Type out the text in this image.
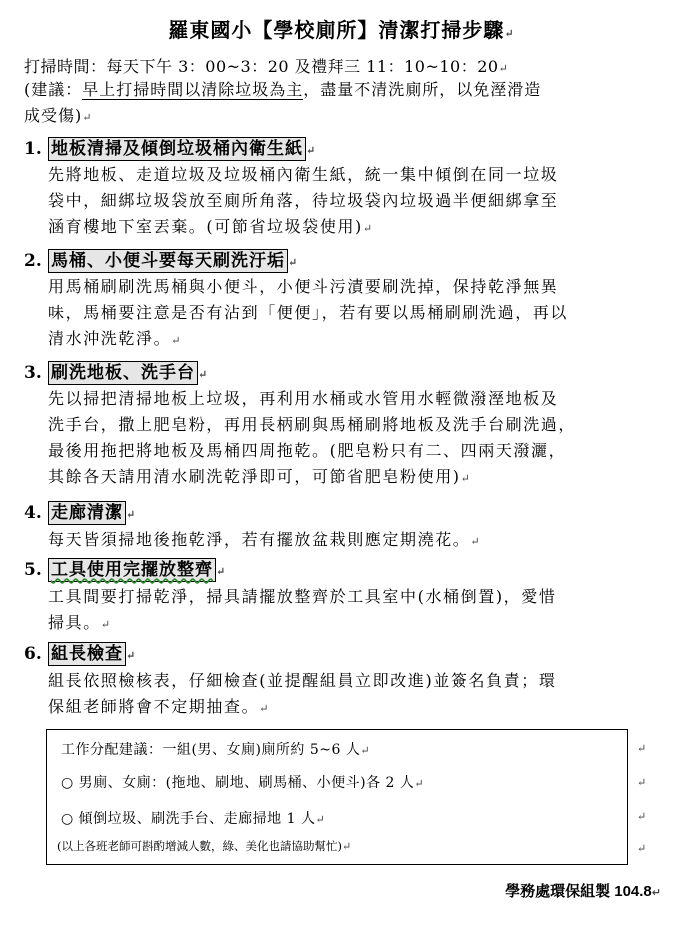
羅東國小【學校廁所】清潔打掃步驟↵
打掃時間：每天下午 3：00~3：20 及禮拜三 11：10~10：20↵
(建議：早上打掃時間以清除垃圾為主，盡量不清洗廁所，以免溼滑造
成受傷)↵
1. 地板清掃及傾倒垃圾桶內衛生紙 ↵
先將地板、走道垃圾及垃圾桶內衛生紙，統一集中傾倒在同一垃圾
袋中，細綁垃圾袋放至廁所角落，待垃圾袋內垃圾過半便細綁拿至
涵育樓地下室丟棄。(可節省垃圾袋使用)↵
2. 馬桶、小便斗要每天刷洗汙垢 ↵
用馬桶刷刷洗馬桶與小便斗，小便斗污漬要刷洗掉，保持乾淨無異
味，馬桶要注意是否有沾到「便便」，若有要以馬桶刷刷洗過，再以
清水沖洗乾淨。↵
3. 刷洗地板、洗手台 ↵
先以掃把清掃地板上垃圾，再利用水桶或水管用水輕微潑溼地板及
洗手台，撒上肥皂粉，再用長柄刷與馬桶刷將地板及洗手台刷洗過，
最後用拖把將地板及馬桶四周拖乾。(肥皂粉只有二、四兩天潑灑，
其餘各天請用清水刷洗乾淨即可，可節省肥皂粉使用)↵
4. 走廊清潔 ↵
每天皆須掃地後拖乾淨，若有擺放盆栽則應定期澆花。↵
5. 工具使用完擺放整齊 ↵
工具間要打掃乾淨，掃具請擺放整齊於工具室中(水桶倒置)，愛惜
掃具。↵
6. 組長檢查 ↵
組長依照檢核表，仔細檢查(並提醒組員立即改進)並簽名負責；環
保組老師將會不定期抽查。↵
工作分配建議：一組(男、女廁)廁所約 5~6 人↵
○ 男廁、女廁：(拖地、刷地、刷馬桶、小便斗)各 2 人↵
○ 傾倒垃圾、刷洗手台、走廊掃地 1 人↵
(以上各班老師可斟酌增減人數，綠、美化也請協助幫忙)↵
↵
↵
↵
↵
學務處環保組製 104.8↵
